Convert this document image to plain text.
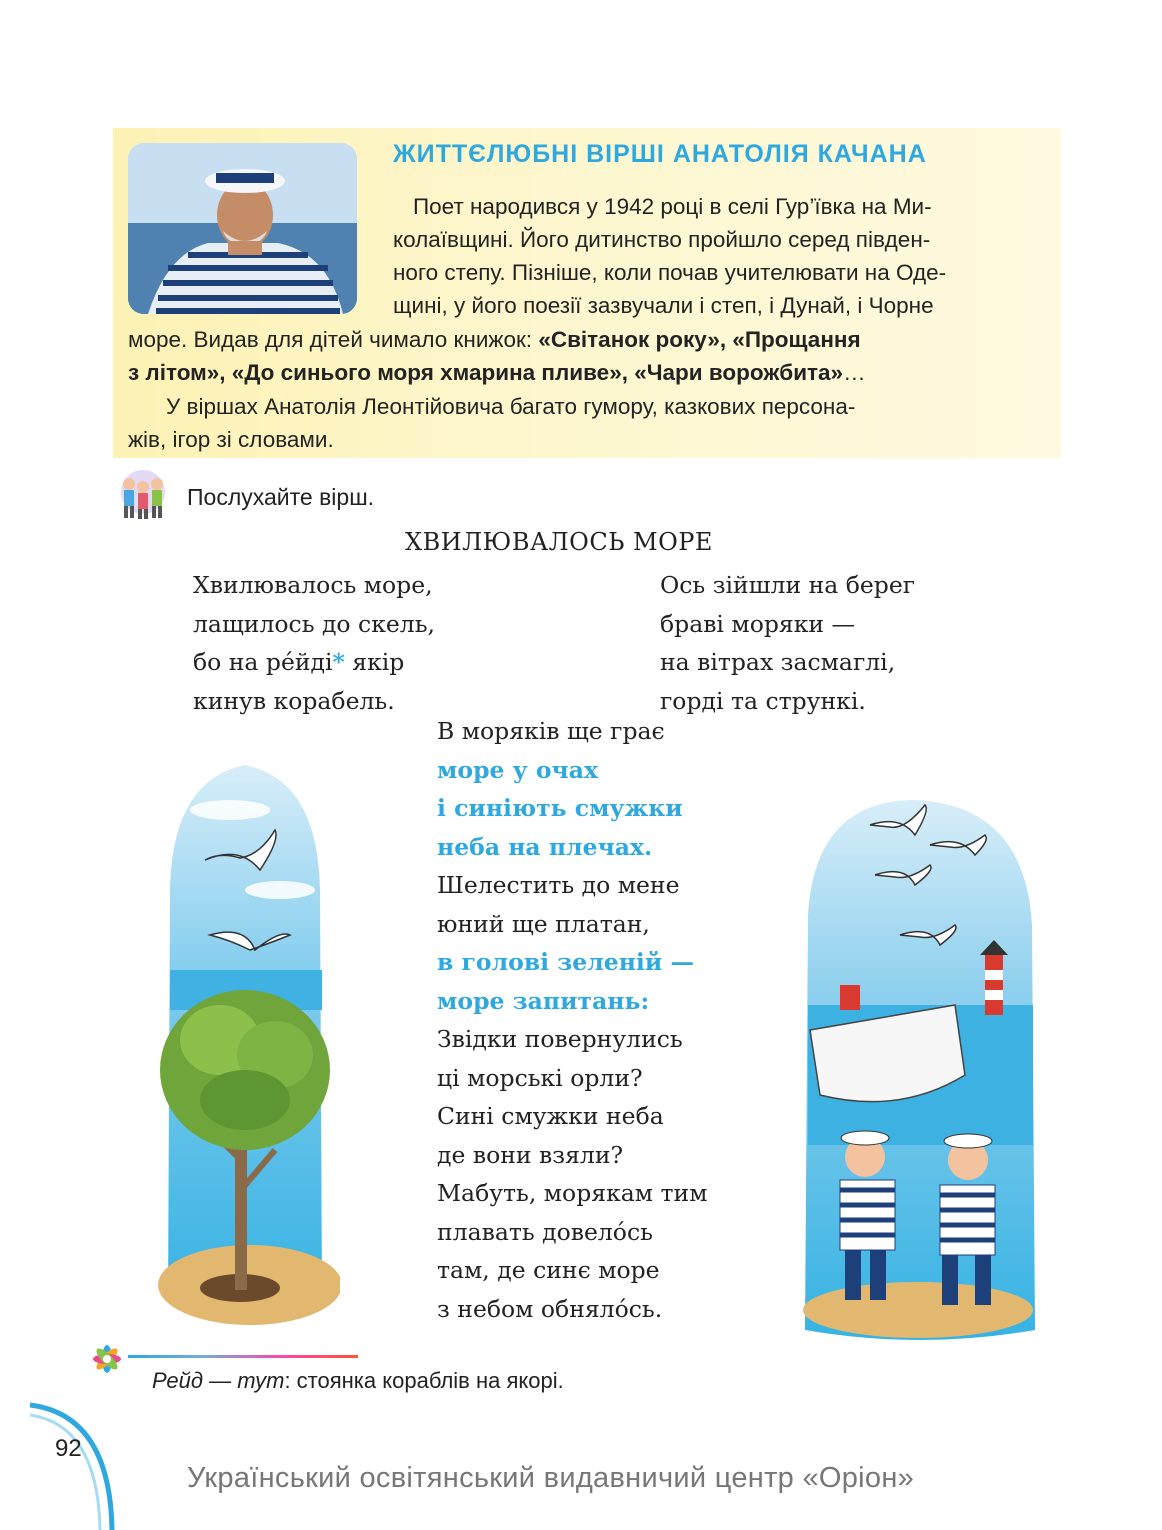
ЖИТТЄЛЮБНІ ВІРШІ АНАТОЛІЯ КАЧАНА
Поет народився у 1942 році в селі Гур’ївка на Ми-
колаївщині. Його дитинство пройшло серед півден-
ного степу. Пізніше, коли почав учителювати на Оде-
щині, у його поезії зазвучали і степ, і Дунай, і Чорне
море. Видав для дітей чимало книжок: «Світанок року», «Прощання
з літом», «До синього моря хмарина пливе», «Чари ворожбита»…
У віршах Анатолія Леонтійовича багато гумору, казкових персона-
жів, ігор зі словами.
Послухайте вірш.
ХВИЛЮВАЛОСЬ МОРЕ
Хвилювалось море,
лащилось до скель,
бо на ре́йді* якір
кинув корабель.
Ось зійшли на берег
браві моряки —
на вітрах засмаглі,
горді та стрункі.
В моряків ще грає
море у очах
і синіють смужки
неба на плечах.
Шелестить до мене
юний ще платан,
в голові зеленій —
море запитань:
Звідки повернулись
ці морські орли?
Сині смужки неба
де вони взяли?
Мабуть, морякам тим
плавать довело́сь
там, де синє море
з небом обняло́сь.
Рейд — тут: стоянка кораблів на якорі.
92
Український освітянський видавничий центр «Оріон»
